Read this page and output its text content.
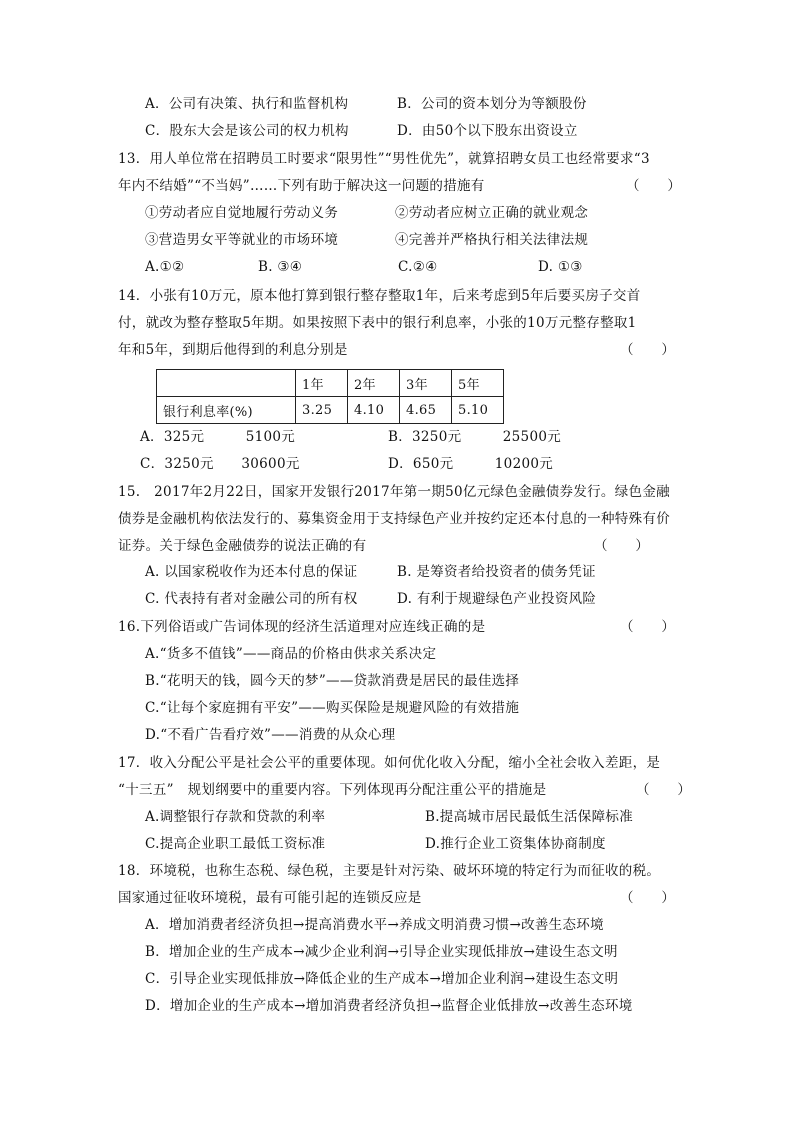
A．公司有决策、执行和监督机构	B．公司的资本划分为等额股份
C．股东大会是该公司的权力机构	D．由50个以下股东出资设立
13．用人单位常在招聘员工时要求“限男性”“男性优先”，就算招聘女员工也经常要求“3
年内不结婚”“不当妈”……下列有助于解决这一问题的措施有	（　　）
①劳动者应自觉地履行劳动义务	②劳动者应树立正确的就业观念
③营造男女平等就业的市场环境	④完善并严格执行相关法律法规
A.①②	B. ③④	C.②④	D. ①③
14．小张有10万元，原本他打算到银行整存整取1年，后来考虑到5年后要买房子交首
付，就改为整存整取5年期。如果按照下表中的银行利息率，小张的10万元整存整取1
年和5年，到期后他得到的利息分别是	（　　）
	1年	2年	3年	5年
银行利息率(%)	3.25	4.10	4.65	5.10
A．325元　　　5100元	B．3250元　　　25500元
C．3250元　　30600元	D．650元　　　10200元
15.　2017年2月22日，国家开发银行2017年第一期50亿元绿色金融债券发行。绿色金融
债券是金融机构依法发行的、募集资金用于支持绿色产业并按约定还本付息的一种特殊有价
证券。关于绿色金融债券的说法正确的有	（　　）
A. 以国家税收作为还本付息的保证	B. 是筹资者给投资者的债务凭证
C. 代表持有者对金融公司的所有权	D. 有利于规避绿色产业投资风险
16.下列俗语或广告词体现的经济生活道理对应连线正确的是	（　　）
A.“货多不值钱”——商品的价格由供求关系决定
B.“花明天的钱，圆今天的梦”——贷款消费是居民的最佳选择
C.“让每个家庭拥有平安”——购买保险是规避风险的有效措施
D.“不看广告看疗效”——消费的从众心理
17．收入分配公平是社会公平的重要体现。如何优化收入分配，缩小全社会收入差距，是
“十三五”　规划纲要中的重要内容。下列体现再分配注重公平的措施是	（　　）
A.调整银行存款和贷款的利率	B.提高城市居民最低生活保障标准
C.提高企业职工最低工资标准	D.推行企业工资集体协商制度
18．环境税，也称生态税、绿色税，主要是针对污染、破坏环境的特定行为而征收的税。
国家通过征收环境税，最有可能引起的连锁反应是	（　　）
A．增加消费者经济负担→提高消费水平→养成文明消费习惯→改善生态环境
B．增加企业的生产成本→减少企业利润→引导企业实现低排放→建设生态文明
C．引导企业实现低排放→降低企业的生产成本→增加企业利润→建设生态文明
D．增加企业的生产成本→增加消费者经济负担→监督企业低排放→改善生态环境
